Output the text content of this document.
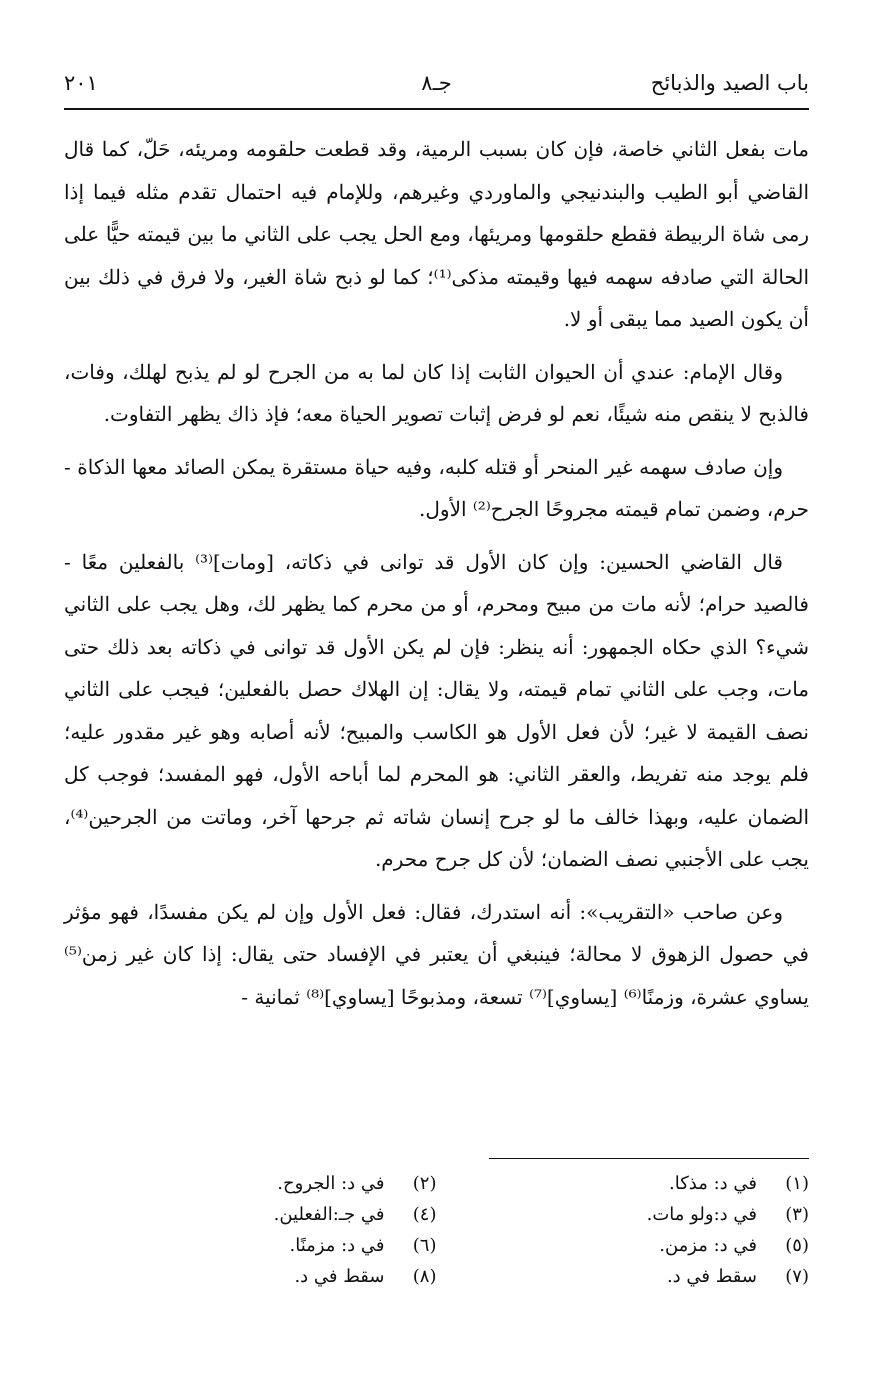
باب الصيد والذبائح
جـ٨
٢٠١

مات بفعل الثاني خاصة، فإن كان بسبب الرمية، وقد قطعت حلقومه ومريئه، حَلّ، كما قال القاضي أبو الطيب والبندنيجي والماوردي وغيرهم، وللإمام فيه احتمال تقدم مثله فيما إذا رمى شاة الربيطة فقطع حلقومها ومريئها، ومع الحل يجب على الثاني ما بين قيمته حيًّا على الحالة التي صادفه سهمه فيها وقيمته مذكى⁽¹⁾؛ كما لو ذبح شاة الغير، ولا فرق في ذلك بين أن يكون الصيد مما يبقى أو لا.

وقال الإمام: عندي أن الحيوان الثابت إذا كان لما به من الجرح لو لم يذبح لهلك، وفات، فالذبح لا ينقص منه شيئًا، نعم لو فرض إثبات تصوير الحياة معه؛ فإذ ذاك يظهر التفاوت.

وإن صادف سهمه غير المنحر أو قتله كلبه، وفيه حياة مستقرة يمكن الصائد معها الذكاة - حرم، وضمن تمام قيمته مجروحًا الجرح⁽²⁾ الأول.

قال القاضي الحسين: وإن كان الأول قد توانى في ذكاته، [ومات]⁽³⁾ بالفعلين معًا - فالصيد حرام؛ لأنه مات من مبيح ومحرم، أو من محرم كما يظهر لك، وهل يجب على الثاني شيء؟ الذي حكاه الجمهور: أنه ينظر: فإن لم يكن الأول قد توانى في ذكاته بعد ذلك حتى مات، وجب على الثاني تمام قيمته، ولا يقال: إن الهلاك حصل بالفعلين؛ فيجب على الثاني نصف القيمة لا غير؛ لأن فعل الأول هو الكاسب والمبيح؛ لأنه أصابه وهو غير مقدور عليه؛ فلم يوجد منه تفريط، والعقر الثاني: هو المحرم لما أباحه الأول، فهو المفسد؛ فوجب كل الضمان عليه، وبهذا خالف ما لو جرح إنسان شاته ثم جرحها آخر، وماتت من الجرحين⁽⁴⁾، يجب على الأجنبي نصف الضمان؛ لأن كل جرح محرم.

وعن صاحب «التقريب»: أنه استدرك، فقال: فعل الأول وإن لم يكن مفسدًا، فهو مؤثر في حصول الزهوق لا محالة؛ فينبغي أن يعتبر في الإفساد حتى يقال: إذا كان غير زمن⁽⁵⁾ يساوي عشرة، وزمنًا⁽⁶⁾ [يساوي]⁽⁷⁾ تسعة، ومذبوحًا [يساوي]⁽⁸⁾ ثمانية -

(١)في د: مذكا.
(٢)في د: الجروح.
(٣)في د:ولو مات.
(٤)في جـ:الفعلين.
(٥)في د: مزمن.
(٦)في د: مزمنًا.
(٧)سقط في د.
(٨)سقط في د.
